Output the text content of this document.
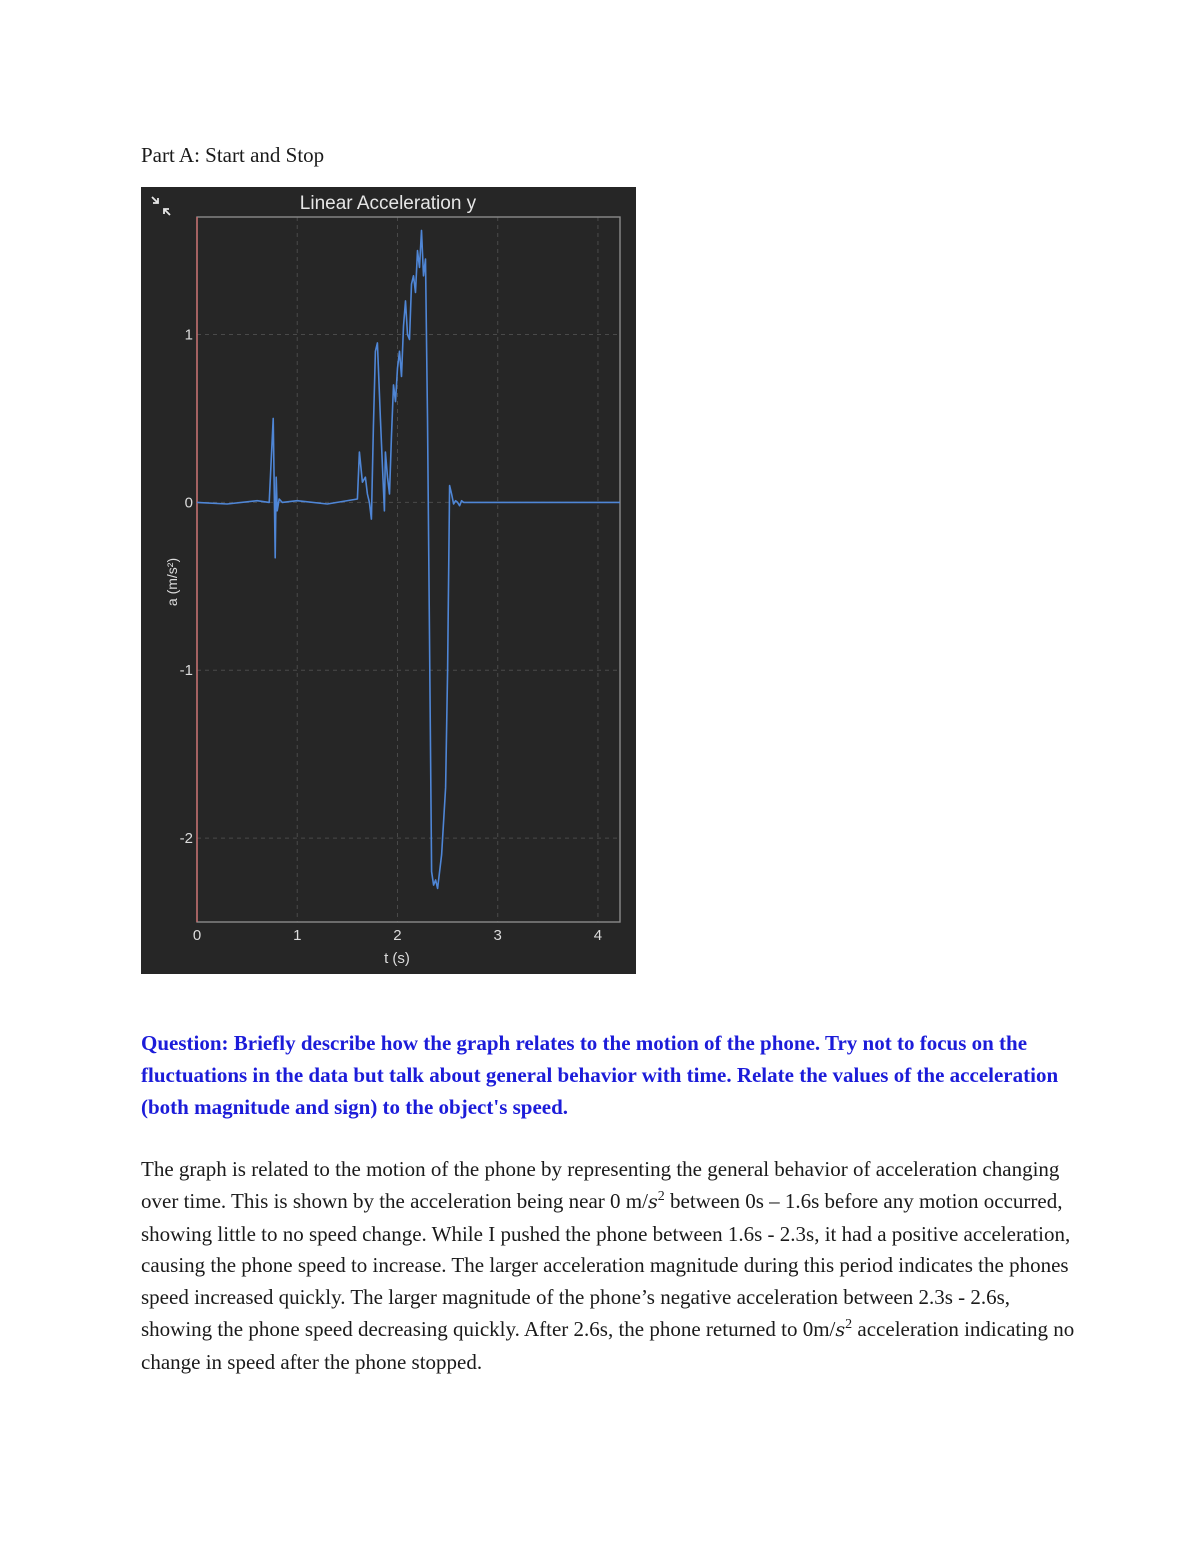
Part A: Start and Stop
Linear Acceleration y
1
0
-1
-2
0	1	2	3	4
t (s)
a (m/s²)
Question: Briefly describe how the graph relates to the motion of the phone. Try not to focus on the fluctuations in the data but talk about general behavior with time. Relate the values of the acceleration (both magnitude and sign) to the object's speed.
The graph is related to the motion of the phone by representing the general behavior of acceleration changing over time. This is shown by the acceleration being near 0 $m/s^2$ between 0s – 1.6s before any motion occurred, showing little to no speed change. While I pushed the phone between 1.6s - 2.3s, it had a positive acceleration, causing the phone speed to increase. The larger acceleration magnitude during this period indicates the phones speed increased quickly. The larger magnitude of the phone’s negative acceleration between 2.3s - 2.6s, showing the phone speed decreasing quickly. After 2.6s, the phone returned to $0m/s^2$ acceleration indicating no change in speed after the phone stopped.
